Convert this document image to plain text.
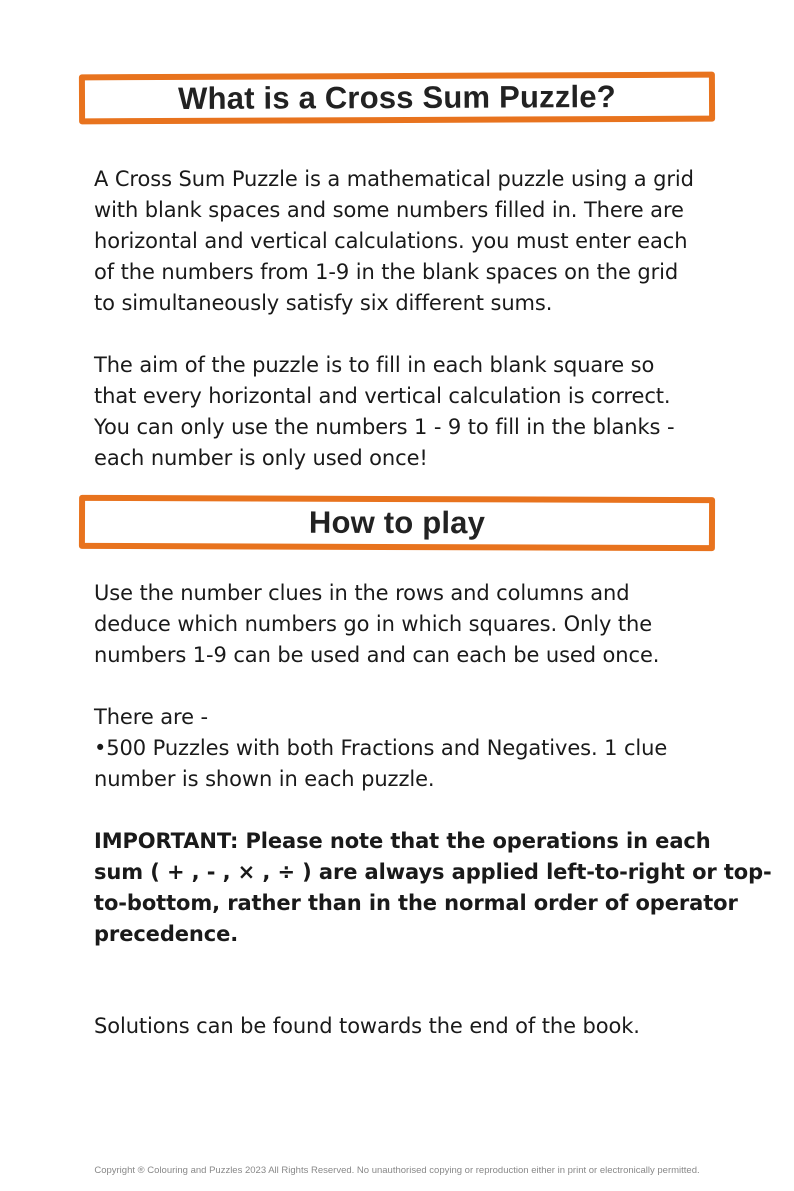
What is a Cross Sum Puzzle?

A Cross Sum Puzzle is a mathematical puzzle using a grid
with blank spaces and some numbers filled in. There are
horizontal and vertical calculations. you must enter each
of the numbers from 1-9 in the blank spaces on the grid
to simultaneously satisfy six different sums.

The aim of the puzzle is to fill in each blank square so
that every horizontal and vertical calculation is correct.
You can only use the numbers 1 - 9 to fill in the blanks -
each number is only used once!

How to play

Use the number clues in the rows and columns and
deduce which numbers go in which squares. Only the
numbers 1-9 can be used and can each be used once.

There are -
•500 Puzzles with both Fractions and Negatives. 1 clue
number is shown in each puzzle.

IMPORTANT: Please note that the operations in each
sum ( + , - , × , ÷ ) are always applied left-to-right or top-
to-bottom, rather than in the normal order of operator
precedence.

Solutions can be found towards the end of the book.

Copyright ® Colouring and Puzzles 2023 All Rights Reserved. No unauthorised copying or reproduction either in print or electronically permitted.
